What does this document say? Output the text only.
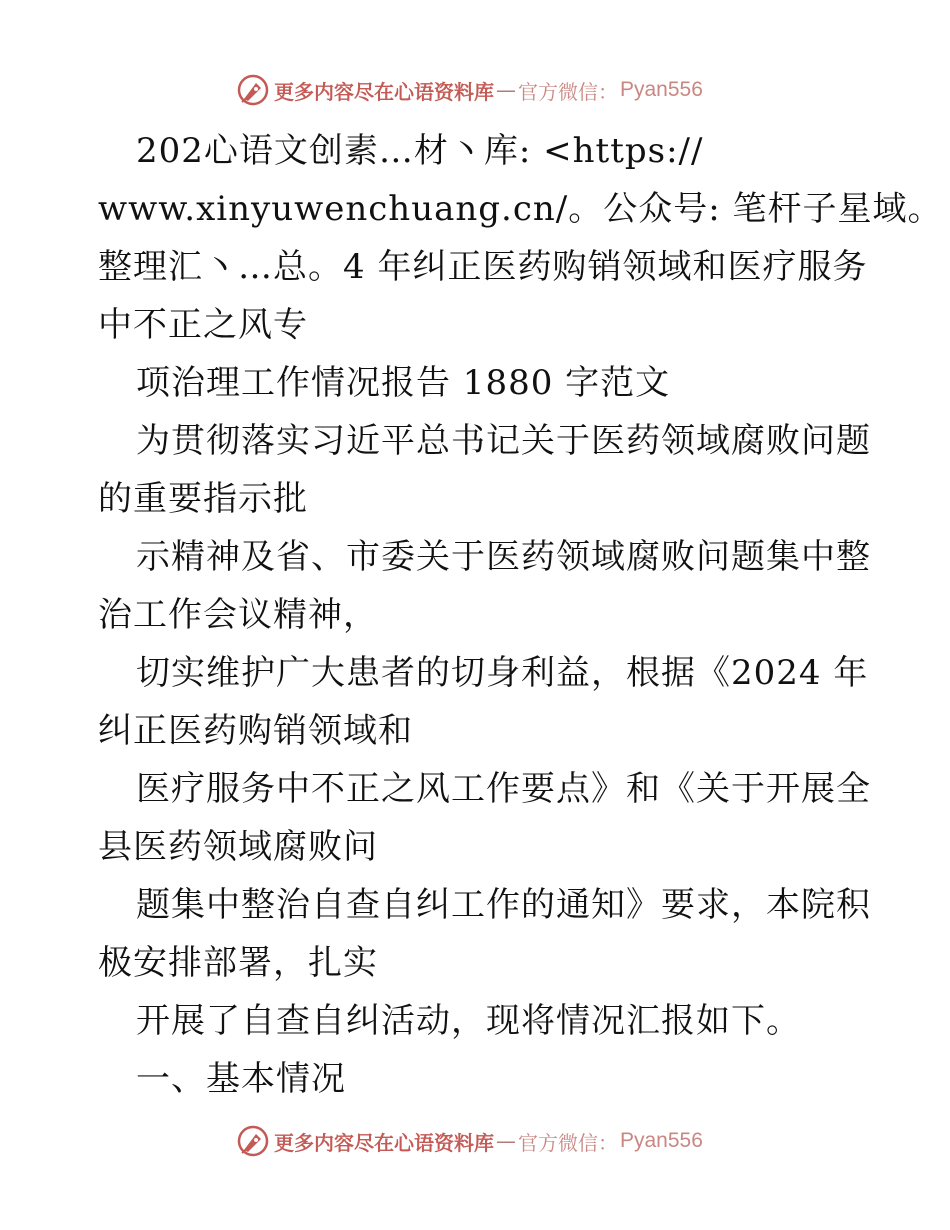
更多内容尽在心语资料库 — 官方微信： Pyan556
202心语文创素…材丶库: <https://
www.xinyuwenchuang.cn/。公众号: 笔杆子星域。
整理汇丶…总。4 年纠正医药购销领域和医疗服务
中不正之风专
项治理工作情况报告 1880 字范文
为贯彻落实习近平总书记关于医药领域腐败问题
的重要指示批
示精神及省、市委关于医药领域腐败问题集中整
治工作会议精神，
切实维护广大患者的切身利益，根据《2024 年
纠正医药购销领域和
医疗服务中不正之风工作要点》和《关于开展全
县医药领域腐败问
题集中整治自查自纠工作的通知》要求，本院积
极安排部署，扎实
开展了自查自纠活动，现将情况汇报如下。
一、基本情况
更多内容尽在心语资料库 — 官方微信： Pyan556
